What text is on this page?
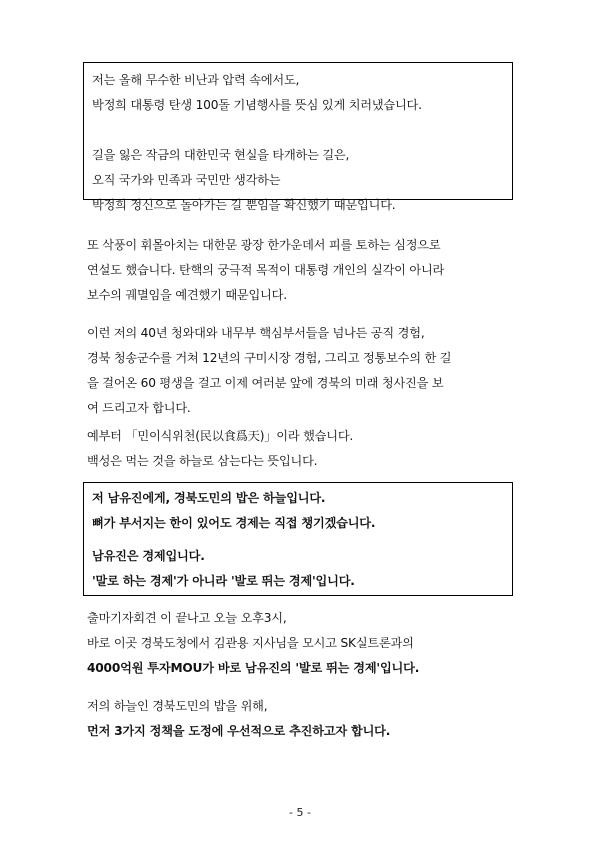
저는 올해 무수한 비난과 압력 속에서도,
박정희 대통령 탄생 100돌 기념행사를 뜻심 있게 치러냈습니다.
길을 잃은 작금의 대한민국 현실을 타개하는 길은,
오직 국가와 민족과 국민만 생각하는
박정희 정신으로 돌아가는 길 뿐임을 확신했기 때문입니다.
또 삭풍이 휘몰아치는 대한문 광장 한가운데서 피를 토하는 심정으로
연설도 했습니다. 탄핵의 궁극적 목적이 대통령 개인의 실각이 아니라
보수의 궤멸임을 예견했기 때문입니다.
이런 저의 40년 청와대와 내무부 핵심부서들을 넘나든 공직 경험,
경북 청송군수를 거쳐 12년의 구미시장 경험, 그리고 정통보수의 한 길
을 걸어온 60 평생을 걸고 이제 여러분 앞에 경북의 미래 청사진을 보
여 드리고자 합니다.
예부터 「민이식위천(民以食爲天)」이라 했습니다.
백성은 먹는 것을 하늘로 삼는다는 뜻입니다.
저 남유진에게, 경북도민의 밥은 하늘입니다.
뼈가 부서지는 한이 있어도 경제는 직접 챙기겠습니다.
남유진은 경제입니다.
'말로 하는 경제'가 아니라 '발로 뛰는 경제'입니다.
출마기자회견 이 끝나고 오늘 오후3시,
바로 이곳 경북도청에서 김관용 지사님을 모시고 SK실트론과의
4000억원 투자MOU가 바로 남유진의 '발로 뛰는 경제'입니다.
저의 하늘인 경북도민의 밥을 위해,
먼저 3가지 정책을 도정에 우선적으로 추진하고자 합니다.
- 5 -
